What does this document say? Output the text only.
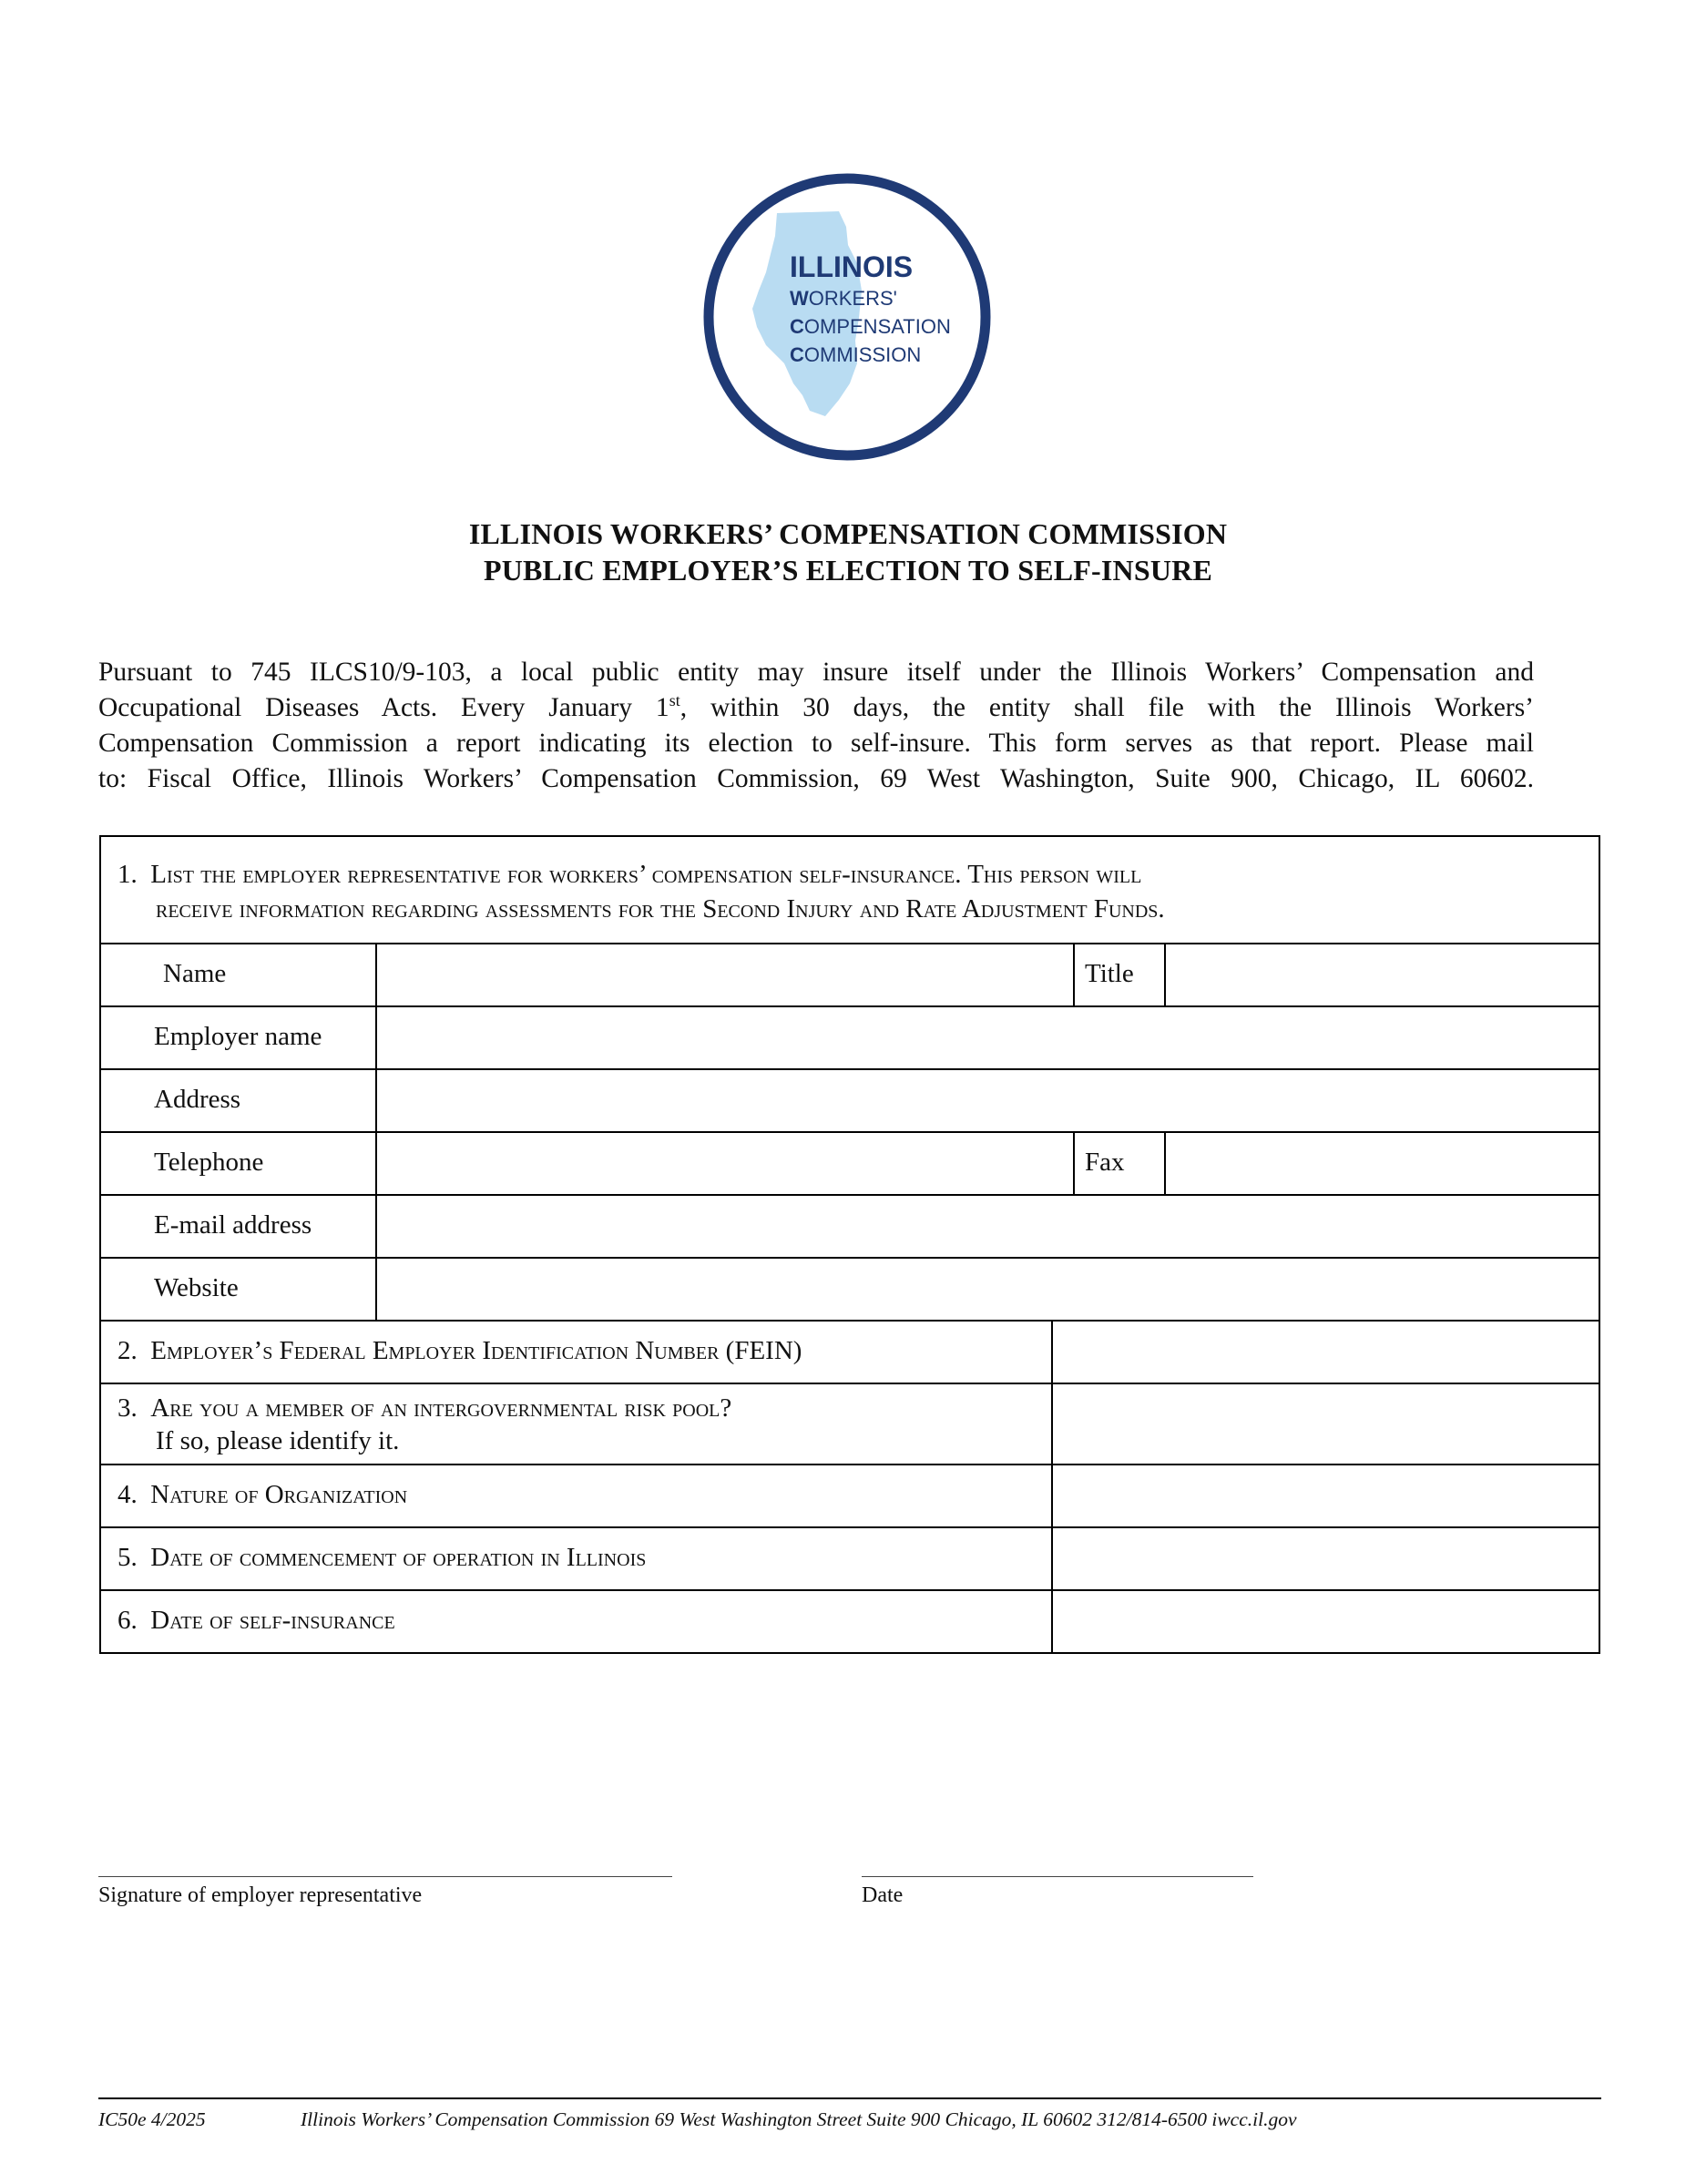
ILLINOIS
WORKERS'
COMPENSATION
COMMISSION
ILLINOIS WORKERS’ COMPENSATION COMMISSION
PUBLIC EMPLOYER’S ELECTION TO SELF-INSURE
Pursuant to 745 ILCS10/9-103, a local public entity may insure itself under the Illinois Workers’ Compensation and
Occupational Diseases Acts. Every January 1st, within 30 days, the entity shall file with the Illinois Workers’
Compensation Commission a report indicating its election to self-insure. This form serves as that report. Please mail
to: Fiscal Office, Illinois Workers’ Compensation Commission, 69 West Washington, Suite 900, Chicago, IL 60602.
1. List the employer representative for workers’ compensation self-insurance. This person will
receive information regarding assessments for the Second Injury and Rate Adjustment Funds.
Name	Title
Employer name
Address
Telephone	Fax
E-mail address
Website
2. Employer’s Federal Employer Identification Number (FEIN)
3. Are you a member of an intergovernmental risk pool?
If so, please identify it.
4. Nature of Organization
5. Date of commencement of operation in Illinois
6. Date of self-insurance
Signature of employer representative	Date
IC50e 4/2025	Illinois Workers’ Compensation Commission 69 West Washington Street Suite 900 Chicago, IL 60602 312/814-6500 iwcc.il.gov
